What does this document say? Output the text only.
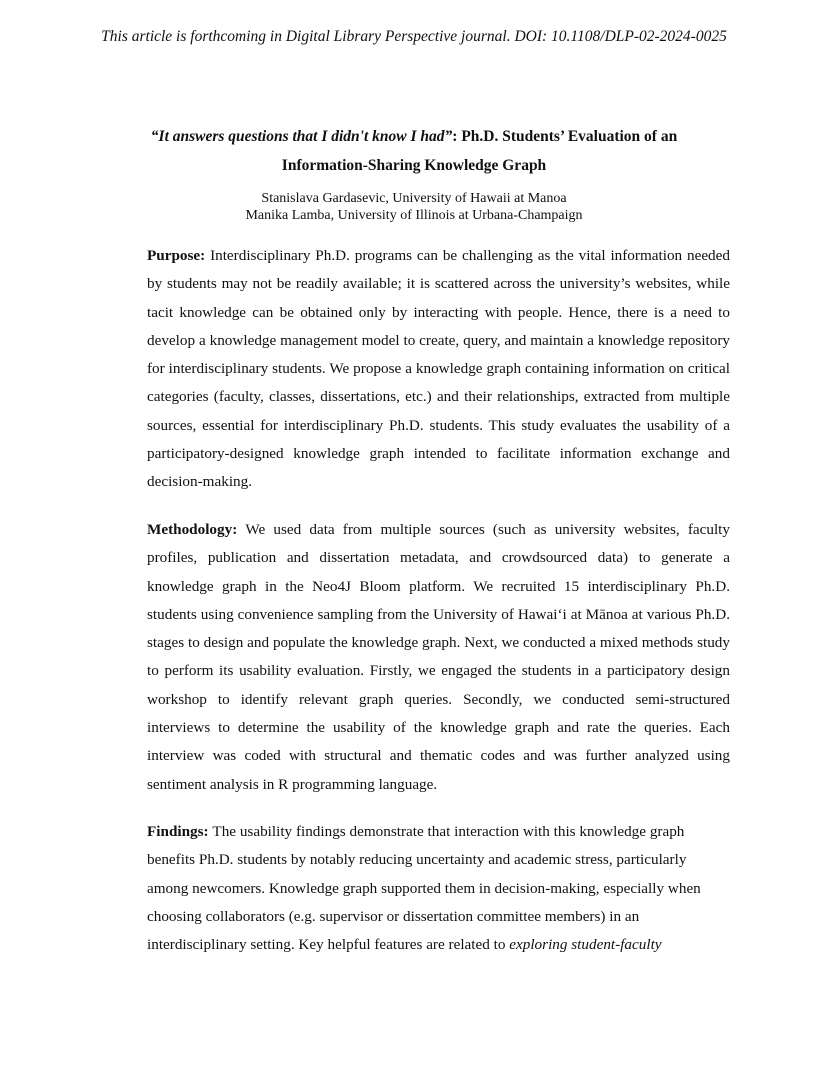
This article is forthcoming in Digital Library Perspective journal. DOI: 10.1108/DLP-02-2024-0025
“It answers questions that I didn't know I had”: Ph.D. Students’ Evaluation of an
Information-Sharing Knowledge Graph
Stanislava Gardasevic, University of Hawaii at Manoa
Manika Lamba, University of Illinois at Urbana-Champaign
Purpose: Interdisciplinary Ph.D. programs can be challenging as the vital information needed by students may not be readily available; it is scattered across the university’s websites, while tacit knowledge can be obtained only by interacting with people. Hence, there is a need to develop a knowledge management model to create, query, and maintain a knowledge repository for interdisciplinary students. We propose a knowledge graph containing information on critical categories (faculty, classes, dissertations, etc.) and their relationships, extracted from multiple sources, essential for interdisciplinary Ph.D. students. This study evaluates the usability of a participatory-designed knowledge graph intended to facilitate information exchange and decision-making.
Methodology: We used data from multiple sources (such as university websites, faculty profiles, publication and dissertation metadata, and crowdsourced data) to generate a knowledge graph in the Neo4J Bloom platform. We recruited 15 interdisciplinary Ph.D. students using convenience sampling from the University of Hawaiʻi at Mānoa at various Ph.D. stages to design and populate the knowledge graph. Next, we conducted a mixed methods study to perform its usability evaluation. Firstly, we engaged the students in a participatory design workshop to identify relevant graph queries. Secondly, we conducted semi-structured interviews to determine the usability of the knowledge graph and rate the queries. Each interview was coded with structural and thematic codes and was further analyzed using sentiment analysis in R programming language.
Findings: The usability findings demonstrate that interaction with this knowledge graph benefits Ph.D. students by notably reducing uncertainty and academic stress, particularly among newcomers. Knowledge graph supported them in decision-making, especially when choosing collaborators (e.g. supervisor or dissertation committee members) in an interdisciplinary setting. Key helpful features are related to exploring student-faculty
